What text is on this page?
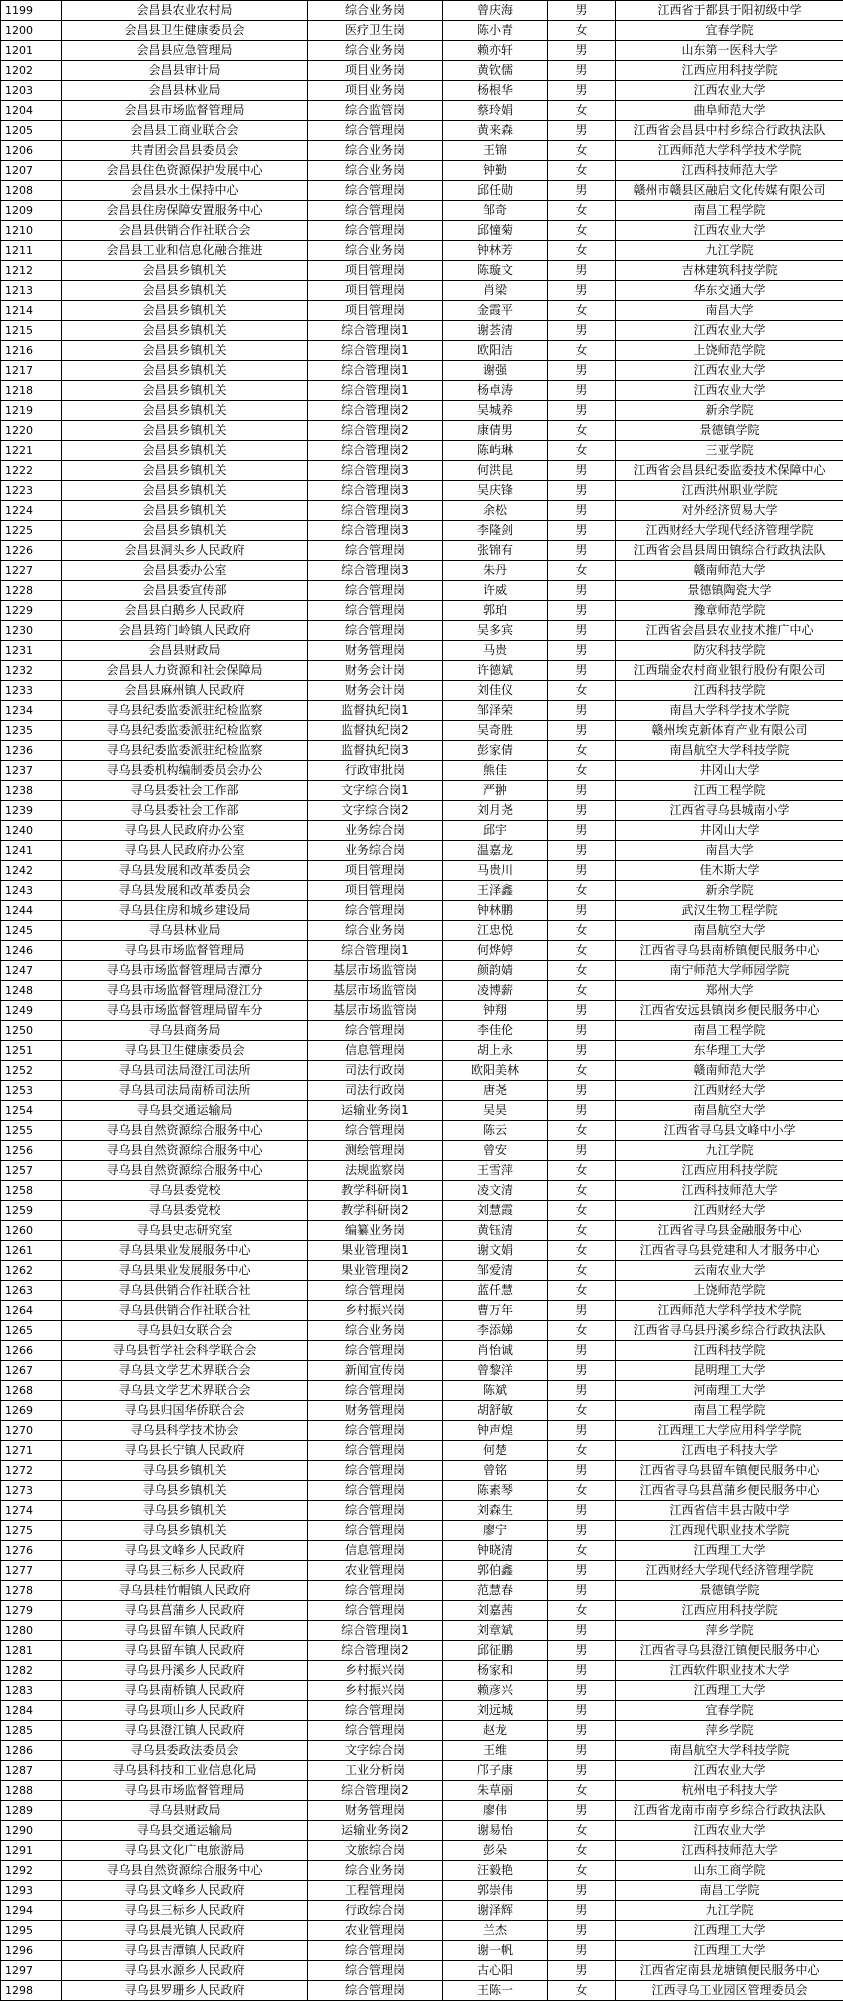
1199	会昌县农业农村局	综合业务岗	曾庆海	男	江西省于都县于阳初级中学
1200	会昌县卫生健康委员会	医疗卫生岗	陈小青	女	宜春学院
1201	会昌县应急管理局	综合业务岗	赖亦轩	男	山东第一医科大学
1202	会昌县审计局	项目业务岗	黄钦儒	男	江西应用科技学院
1203	会昌县林业局	项目业务岗	杨根华	男	江西农业大学
1204	会昌县市场监督管理局	综合监管岗	蔡玲娟	女	曲阜师范大学
1205	会昌县工商业联合会	综合管理岗	黄来森	男	江西省会昌县中村乡综合行政执法队
1206	共青团会昌县委员会	综合业务岗	王锦	女	江西师范大学科学技术学院
1207	会昌县住色资源保护发展中心	综合业务岗	钟勤	女	江西科技师范大学
1208	会昌县水土保持中心	综合管理岗	邱任勋	男	赣州市赣县区融启文化传媒有限公司
1209	会昌县住房保障安置服务中心	综合管理岗	邹奇	女	南昌工程学院
1210	会昌县供销合作社联合会	综合管理岗	邱憧菊	女	江西农业大学
1211	会昌县工业和信息化融合推进	综合业务岗	钟林芳	女	九江学院
1212	会昌县乡镇机关	项目管理岗	陈璇文	男	吉林建筑科技学院
1213	会昌县乡镇机关	项目管理岗	肖梁	男	华东交通大学
1214	会昌县乡镇机关	项目管理岗	金霞平	女	南昌大学
1215	会昌县乡镇机关	综合管理岗1	谢荟清	男	江西农业大学
1216	会昌县乡镇机关	综合管理岗1	欧阳洁	女	上饶师范学院
1217	会昌县乡镇机关	综合管理岗1	谢强	男	江西农业大学
1218	会昌县乡镇机关	综合管理岗1	杨卓涛	男	江西农业大学
1219	会昌县乡镇机关	综合管理岗2	吴城养	男	新余学院
1220	会昌县乡镇机关	综合管理岗2	康倩男	女	景德镇学院
1221	会昌县乡镇机关	综合管理岗2	陈屿琳	女	三亚学院
1222	会昌县乡镇机关	综合管理岗3	何洪昆	男	江西省会昌县纪委监委技术保障中心
1223	会昌县乡镇机关	综合管理岗3	吴庆锋	男	江西洪州职业学院
1224	会昌县乡镇机关	综合管理岗3	余松	男	对外经济贸易大学
1225	会昌县乡镇机关	综合管理岗3	李隆剑	男	江西财经大学现代经济管理学院
1226	会昌县洞头乡人民政府	综合管理岗	张锦有	男	江西省会昌县周田镇综合行政执法队
1227	会昌县委办公室	综合管理岗3	朱丹	女	赣南师范大学
1228	会昌县委宣传部	综合管理岗	许威	男	景德镇陶瓷大学
1229	会昌县白鹅乡人民政府	综合管理岗	郭珀	男	豫章师范学院
1230	会昌县筠门岭镇人民政府	综合管理岗	吴多宾	男	江西省会昌县农业技术推广中心
1231	会昌县财政局	财务管理岗	马贵	男	防灾科技学院
1232	会昌县人力资源和社会保障局	财务会计岗	许德斌	男	江西瑞金农村商业银行股份有限公司
1233	会昌县麻州镇人民政府	财务会计岗	刘佳仪	女	江西科技学院
1234	寻乌县纪委监委派驻纪检监察	监督执纪岗1	邹泽荣	男	南昌大学科学技术学院
1235	寻乌县纪委监委派驻纪检监察	监督执纪岗2	吴奇胜	男	赣州埃克新体育产业有限公司
1236	寻乌县纪委监委派驻纪检监察	监督执纪岗3	彭家倩	女	南昌航空大学科技学院
1237	寻乌县委机构编制委员会办公	行政审批岗	熊佳	女	井冈山大学
1238	寻乌县委社会工作部	文字综合岗1	严翀	男	江西工程学院
1239	寻乌县委社会工作部	文字综合岗2	刘月尧	男	江西省寻乌县城南小学
1240	寻乌县人民政府办公室	业务综合岗	邱宇	男	井冈山大学
1241	寻乌县人民政府办公室	业务综合岗	温嘉龙	男	南昌大学
1242	寻乌县发展和改革委员会	项目管理岗	马贵川	男	佳木斯大学
1243	寻乌县发展和改革委员会	项目管理岗	王泽鑫	女	新余学院
1244	寻乌县住房和城乡建设局	综合管理岗	钟林鹏	男	武汉生物工程学院
1245	寻乌县林业局	综合业务岗	江忠悦	女	南昌航空大学
1246	寻乌县市场监督管理局	综合管理岗1	何烨婷	女	江西省寻乌县南桥镇便民服务中心
1247	寻乌县市场监督管理局吉潭分	基层市场监管岗	颜韵婧	女	南宁师范大学师园学院
1248	寻乌县市场监督管理局澄江分	基层市场监管岗	凌博薪	女	郑州大学
1249	寻乌县市场监督管理局留车分	基层市场监管岗	钟翔	男	江西省安远县镇岗乡便民服务中心
1250	寻乌县商务局	综合管理岗	李佳伦	男	南昌工程学院
1251	寻乌县卫生健康委员会	信息管理岗	胡上永	男	东华理工大学
1252	寻乌县司法局澄江司法所	司法行政岗	欧阳美林	女	赣南师范大学
1253	寻乌县司法局南桥司法所	司法行政岗	唐尧	男	江西财经大学
1254	寻乌县交通运输局	运输业务岗1	吴昊	男	南昌航空大学
1255	寻乌县自然资源综合服务中心	综合管理岗	陈云	女	江西省寻乌县文峰中小学
1256	寻乌县自然资源综合服务中心	测绘管理岗	曾安	男	九江学院
1257	寻乌县自然资源综合服务中心	法规监察岗	王雪萍	女	江西应用科技学院
1258	寻乌县委党校	教学科研岗1	凌文清	女	江西科技师范大学
1259	寻乌县委党校	教学科研岗2	刘慧霞	女	江西财经大学
1260	寻乌县史志研究室	编纂业务岗	黄钰清	女	江西省寻乌县金融服务中心
1261	寻乌县果业发展服务中心	果业管理岗1	谢文娟	女	江西省寻乌县党建和人才服务中心
1262	寻乌县果业发展服务中心	果业管理岗2	邹爱清	女	云南农业大学
1263	寻乌县供销合作社联合社	综合管理岗	蓝仟慧	女	上饶师范学院
1264	寻乌县供销合作社联合社	乡村振兴岗	曹万年	男	江西师范大学科学技术学院
1265	寻乌县妇女联合会	综合业务岗	李添娣	女	江西省寻乌县丹溪乡综合行政执法队
1266	寻乌县哲学社会科学联合会	综合管理岗	肖怡诚	男	江西科技学院
1267	寻乌县文学艺术界联合会	新闻宣传岗	曾黎洋	男	昆明理工大学
1268	寻乌县文学艺术界联合会	综合管理岗	陈斌	男	河南理工大学
1269	寻乌县归国华侨联合会	财务管理岗	胡舒敏	女	南昌工程学院
1270	寻乌县科学技术协会	综合管理岗	钟声煌	男	江西理工大学应用科学学院
1271	寻乌县长宁镇人民政府	综合管理岗	何楚	女	江西电子科技大学
1272	寻乌县乡镇机关	综合管理岗	曾铭	男	江西省寻乌县留车镇便民服务中心
1273	寻乌县乡镇机关	综合管理岗	陈素琴	女	江西省寻乌县菖蒲乡便民服务中心
1274	寻乌县乡镇机关	综合管理岗	刘森生	男	江西省信丰县古陂中学
1275	寻乌县乡镇机关	综合管理岗	廖宁	男	江西现代职业技术学院
1276	寻乌县文峰乡人民政府	信息管理岗	钟晓清	女	江西理工大学
1277	寻乌县三标乡人民政府	农业管理岗	郭伯鑫	男	江西财经大学现代经济管理学院
1278	寻乌县桂竹帽镇人民政府	综合管理岗	范慧春	男	景德镇学院
1279	寻乌县菖蒲乡人民政府	综合管理岗	刘嘉茜	女	江西应用科技学院
1280	寻乌县留车镇人民政府	综合管理岗1	刘章斌	男	萍乡学院
1281	寻乌县留车镇人民政府	综合管理岗2	邱征鹏	男	江西省寻乌县澄江镇便民服务中心
1282	寻乌县丹溪乡人民政府	乡村振兴岗	杨家和	男	江西软件职业技术大学
1283	寻乌县南桥镇人民政府	乡村振兴岗	赖彦兴	男	江西理工大学
1284	寻乌县项山乡人民政府	综合管理岗	刘远城	男	宜春学院
1285	寻乌县澄江镇人民政府	综合管理岗	赵龙	男	萍乡学院
1286	寻乌县委政法委员会	文字综合岗	王维	男	南昌航空大学科技学院
1287	寻乌县科技和工业信息化局	工业分析岗	邝子康	男	江西农业大学
1288	寻乌县市场监督管理局	综合管理岗2	朱草丽	女	杭州电子科技大学
1289	寻乌县财政局	财务管理岗	廖伟	男	江西省龙南市南亨乡综合行政执法队
1290	寻乌县交通运输局	运输业务岗2	谢易怡	女	江西农业大学
1291	寻乌县文化广电旅游局	文旅综合岗	彭朵	女	江西科技师范大学
1292	寻乌县自然资源综合服务中心	综合业务岗	汪毅艳	女	山东工商学院
1293	寻乌县文峰乡人民政府	工程管理岗	郭崇伟	男	南昌工学院
1294	寻乌县三标乡人民政府	行政综合岗	谢泽辉	男	九江学院
1295	寻乌县晨光镇人民政府	农业管理岗	兰杰	男	江西理工大学
1296	寻乌县吉潭镇人民政府	综合管理岗	谢一帆	男	江西理工大学
1297	寻乌县水源乡人民政府	综合管理岗	古心阳	男	江西省定南县龙塘镇便民服务中心
1298	寻乌县罗珊乡人民政府	综合管理岗	王陈一	女	江西寻乌工业园区管理委员会
